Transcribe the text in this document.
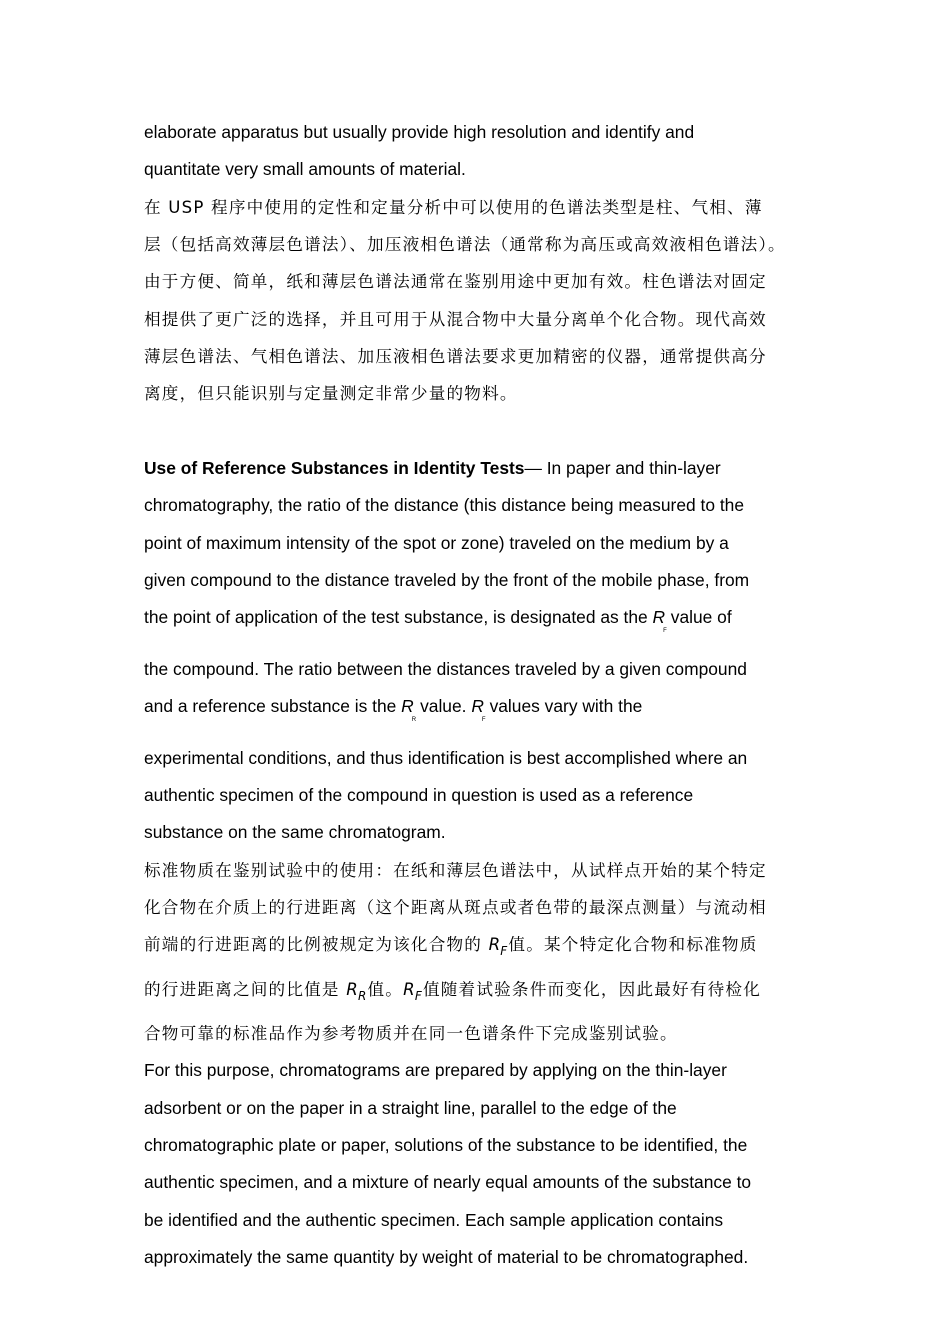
elaborate apparatus but usually provide high resolution and identify and

quantitate very small amounts of material.

在 USP 程序中使用的定性和定量分析中可以使用的色谱法类型是柱、气相、薄

层（包括高效薄层色谱法）、加压液相色谱法（通常称为高压或高效液相色谱法）。

由于方便、简单，纸和薄层色谱法通常在鉴别用途中更加有效。柱色谱法对固定

相提供了更广泛的选择，并且可用于从混合物中大量分离单个化合物。现代高效

薄层色谱法、气相色谱法、加压液相色谱法要求更加精密的仪器，通常提供高分

离度，但只能识别与定量测定非常少量的物料。

Use of Reference Substances in Identity Tests— In paper and thin-layer

chromatography, the ratio of the distance (this distance being measured to the

point of maximum intensity of the spot or zone) traveled on the medium by a

given compound to the distance traveled by the front of the mobile phase, from

the point of application of the test substance, is designated as the $R_Fvalue$ of

the compound. The ratio between the distances traveled by a given compound

and a reference substance is the $R_Rvalue$. $R_Fvalues$ vary with the

experimental conditions, and thus identification is best accomplished where an

authentic specimen of the compound in question is used as a reference

substance on the same chromatogram.

标准物质在鉴别试验中的使用：在纸和薄层色谱法中，从试样点开始的某个特定

化合物在介质上的行进距离（这个距离从斑点或者色带的最深点测量）与流动相

前端的行进距离的比例被规定为该化合物的 $R_F$值。某个特定化合物和标准物质

的行进距离之间的比值是 $R_R$值。$R_F$值随着试验条件而变化，因此最好有待检化

合物可靠的标准品作为参考物质并在同一色谱条件下完成鉴别试验。

For this purpose, chromatograms are prepared by applying on the thin-layer

adsorbent or on the paper in a straight line, parallel to the edge of the

chromatographic plate or paper, solutions of the substance to be identified, the

authentic specimen, and a mixture of nearly equal amounts of the substance to

be identified and the authentic specimen. Each sample application contains

approximately the same quantity by weight of material to be chromatographed.
